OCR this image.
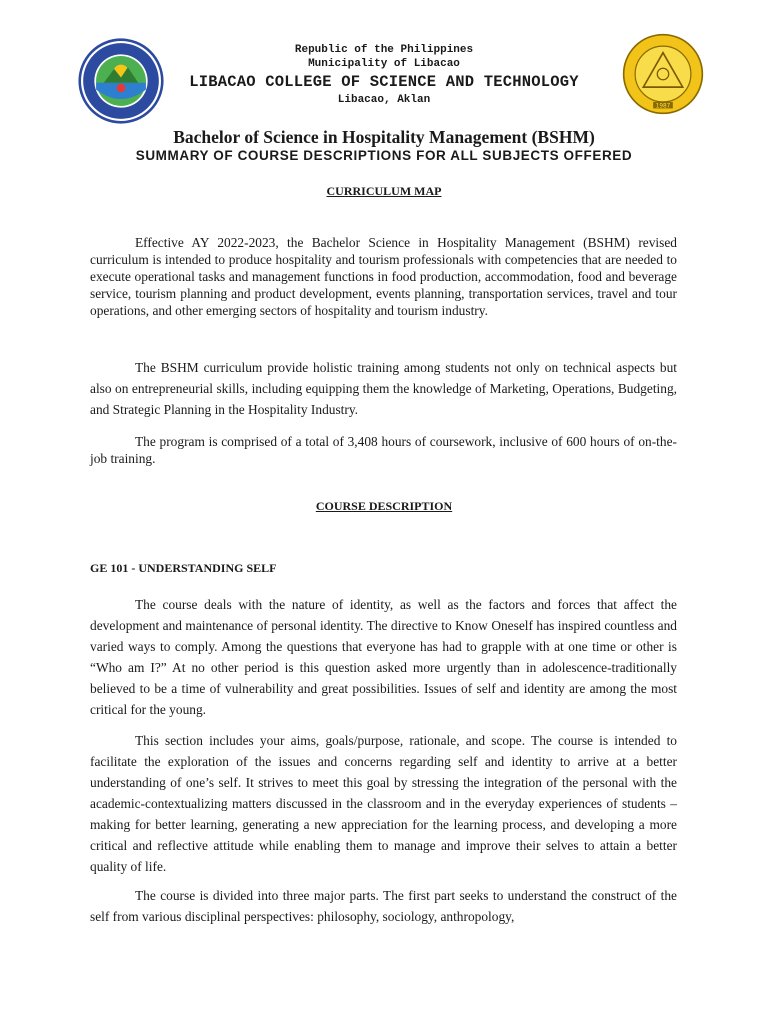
1987
Republic of the Philippines
Municipality of Libacao
LIBACAO COLLEGE OF SCIENCE AND TECHNOLOGY
Libacao, Aklan
Bachelor of Science in Hospitality Management (BSHM)
SUMMARY OF COURSE DESCRIPTIONS FOR ALL SUBJECTS OFFERED
CURRICULUM MAP

Effective AY 2022-2023, the Bachelor Science in Hospitality Management (BSHM) revised curriculum is intended to produce hospitality and tourism professionals with competencies that are needed to execute operational tasks and management functions in food production, accommodation, food and beverage service, tourism planning and product development, events planning, transportation services, travel and tour operations, and other emerging sectors of hospitality and tourism industry.

The BSHM curriculum provide holistic training among students not only on technical aspects but also on entrepreneurial skills, including equipping them the knowledge of Marketing, Operations, Budgeting, and Strategic Planning in the Hospitality Industry.

The program is comprised of a total of 3,408 hours of coursework, inclusive of 600 hours of on-the-job training.

COURSE DESCRIPTION
GE 101 - UNDERSTANDING SELF

The course deals with the nature of identity, as well as the factors and forces that affect the development and maintenance of personal identity. The directive to Know Oneself has inspired countless and varied ways to comply. Among the questions that everyone has had to grapple with at one time or other is “Who am I?” At no other period is this question asked more urgently than in adolescence-traditionally believed to be a time of vulnerability and great possibilities. Issues of self and identity are among the most critical for the young.

This section includes your aims, goals/purpose, rationale, and scope. The course is intended to facilitate the exploration of the issues and concerns regarding self and identity to arrive at a better understanding of one’s self. It strives to meet this goal by stressing the integration of the personal with the academic-contextualizing matters discussed in the classroom and in the everyday experiences of students – making for better learning, generating a new appreciation for the learning process, and developing a more critical and reflective attitude while enabling them to manage and improve their selves to attain a better quality of life.

The course is divided into three major parts. The first part seeks to understand the construct of the self from various disciplinal perspectives: philosophy, sociology, anthropology,
